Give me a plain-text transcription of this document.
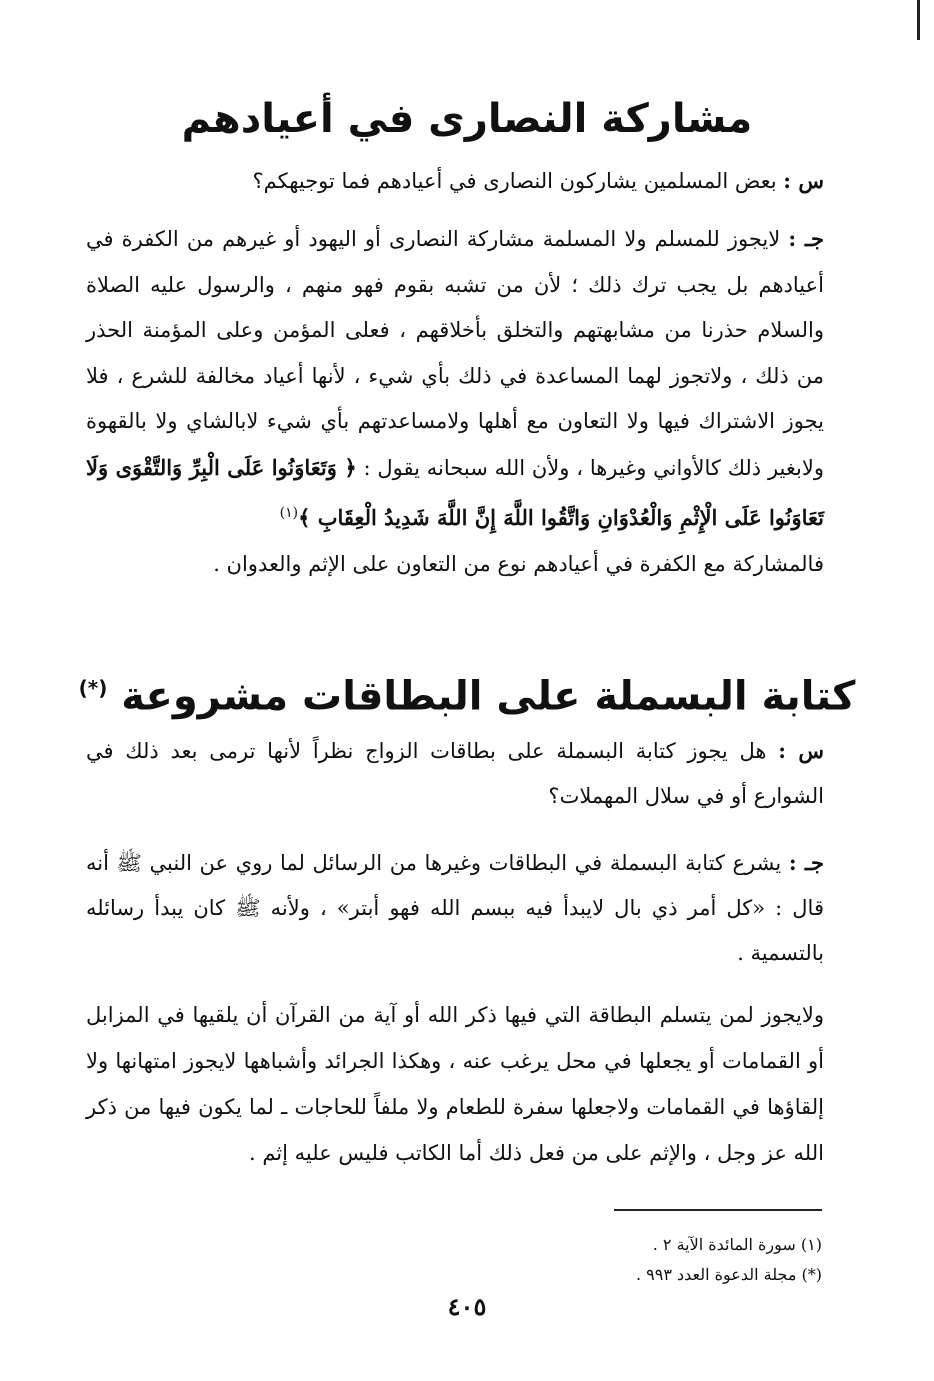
مشاركة النصارى في أعيادهم
س : بعض المسلمين يشاركون النصارى في أعيادهم فما توجيهكم؟
جـ : لايجوز للمسلم ولا المسلمة مشاركة النصارى أو اليهود أو غيرهم من الكفرة في أعيادهم بل يجب ترك ذلك ؛ لأن من تشبه بقوم فهو منهم ، والرسول عليه الصلاة والسلام حذرنا من مشابهتهم والتخلق بأخلاقهم ، فعلى المؤمن وعلى المؤمنة الحذر من ذلك ، ولاتجوز لهما المساعدة في ذلك بأي شيء ، لأنها أعياد مخالفة للشرع ، فلا يجوز الاشتراك فيها ولا التعاون مع أهلها ولامساعدتهم بأي شيء لابالشاي ولا بالقهوة ولابغير ذلك كالأواني وغيرها ، ولأن الله سبحانه يقول : ﴿ وَتَعَاوَنُوا عَلَى الْبِرِّ وَالتَّقْوَى وَلَا تَعَاوَنُوا عَلَى الْإِثْمِ وَالْعُدْوَانِ وَاتَّقُوا اللَّهَ إِنَّ اللَّهَ شَدِيدُ الْعِقَابِ ﴾$^{(١)}$
فالمشاركة مع الكفرة في أعيادهم نوع من التعاون على الإثم والعدوان .
كتابة البسملة على البطاقات مشروعة (*)
س : هل يجوز كتابة البسملة على بطاقات الزواج نظراً لأنها ترمى بعد ذلك في الشوارع أو في سلال المهملات؟
جـ : يشرع كتابة البسملة في البطاقات وغيرها من الرسائل لما روي عن النبي ﷺ أنه قال : «كل أمر ذي بال لايبدأ فيه ببسم الله فهو أبتر» ، ولأنه ﷺ كان يبدأ رسائله بالتسمية .
ولايجوز لمن يتسلم البطاقة التي فيها ذكر الله أو آية من القرآن أن يلقيها في المزابل أو القمامات أو يجعلها في محل يرغب عنه ، وهكذا الجرائد وأشباهها لايجوز امتهانها ولا إلقاؤها في القمامات ولاجعلها سفرة للطعام ولا ملفاً للحاجات ـ لما يكون فيها من ذكر الله عز وجل ، والإثم على من فعل ذلك أما الكاتب فليس عليه إثم .
(١) سورة المائدة الآية ٢ .
(*) مجلة الدعوة العدد ٩٩٣ .
٤٠٥
